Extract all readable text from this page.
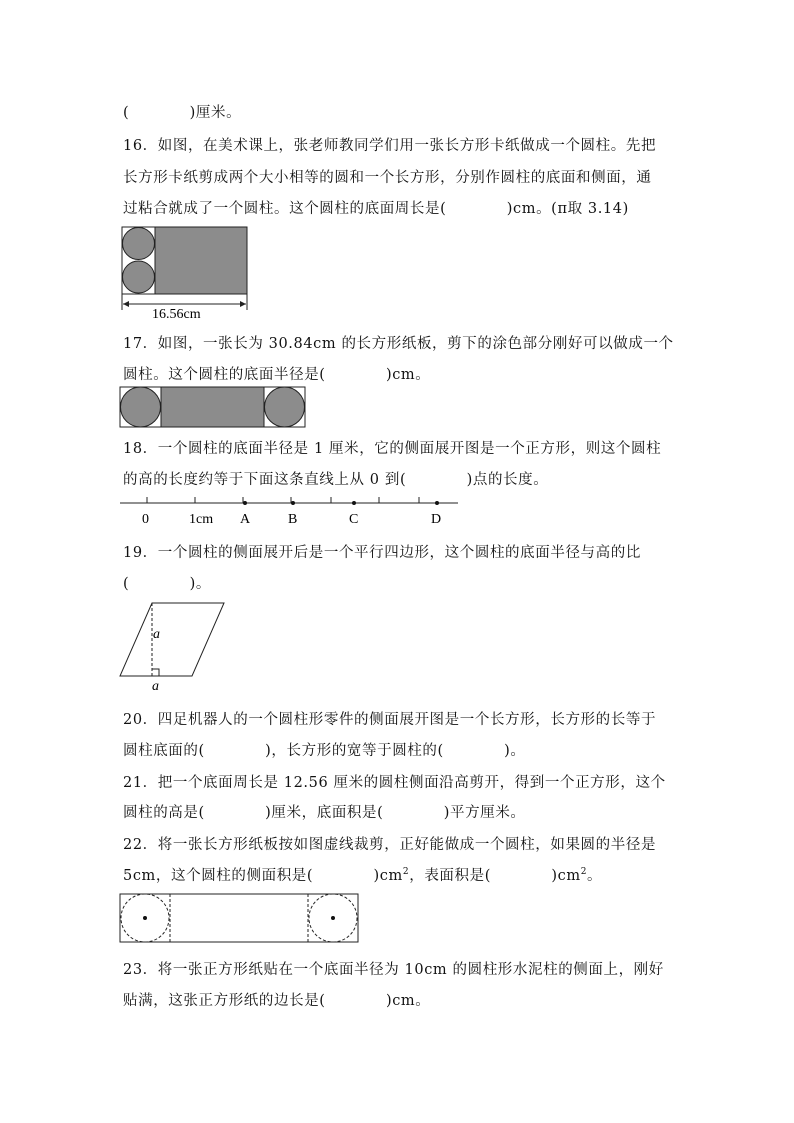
(　　　　)厘米。
16．如图，在美术课上，张老师教同学们用一张长方形卡纸做成一个圆柱。先把
长方形卡纸剪成两个大小相等的圆和一个长方形，分别作圆柱的底面和侧面，通
过粘合就成了一个圆柱。这个圆柱的底面周长是(　　　　)cm。(π取 3.14)
16.56cm
17．如图，一张长为 30.84cm 的长方形纸板，剪下的涂色部分刚好可以做成一个
圆柱。这个圆柱的底面半径是(　　　　)cm。
18．一个圆柱的底面半径是 1 厘米，它的侧面展开图是一个正方形，则这个圆柱
的高的长度约等于下面这条直线上从 0 到(　　　　)点的长度。
0	1cm A	B	C	D
19．一个圆柱的侧面展开后是一个平行四边形，这个圆柱的底面半径与高的比
(　　　　)。
a
a
20．四足机器人的一个圆柱形零件的侧面展开图是一个长方形，长方形的长等于
圆柱底面的(　　　　)，长方形的宽等于圆柱的(　　　　)。
21．把一个底面周长是 12.56 厘米的圆柱侧面沿高剪开，得到一个正方形，这个
圆柱的高是(　　　　)厘米，底面积是(　　　　)平方厘米。
22．将一张长方形纸板按如图虚线裁剪，正好能做成一个圆柱，如果圆的半径是
5cm，这个圆柱的侧面积是(　　　　)$cm^2$，表面积是(　　　　)$cm^2$。
23．将一张正方形纸贴在一个底面半径为 10cm 的圆柱形水泥柱的侧面上，刚好
贴满，这张正方形纸的边长是(　　　　)cm。
